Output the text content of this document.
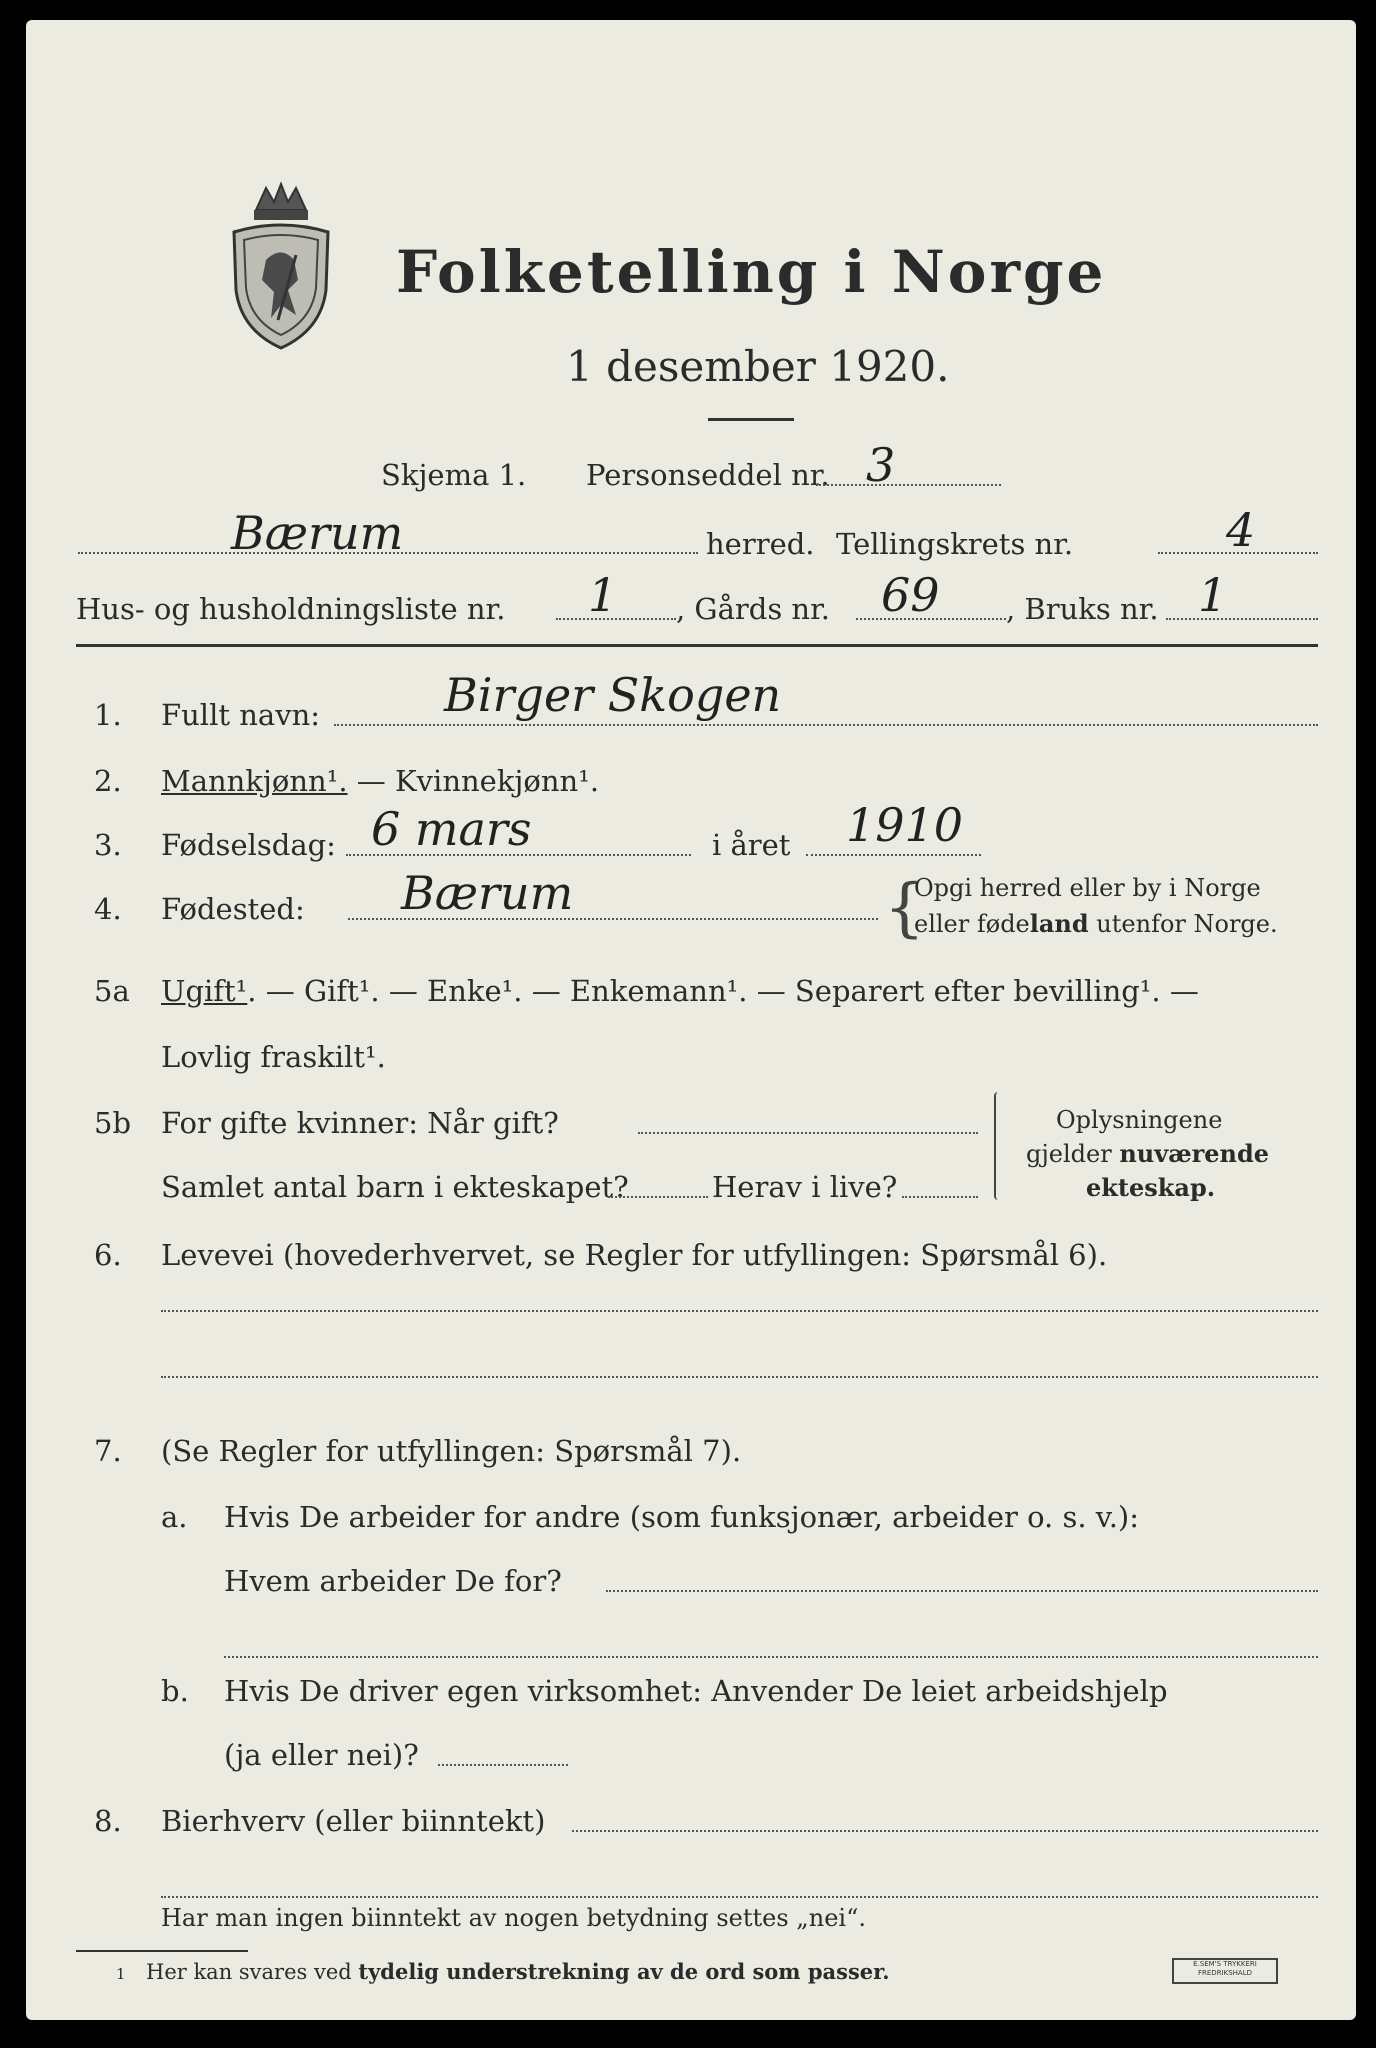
Folketelling i Norge
1 desember 1920.
Skjema 1. Personseddel nr. 3
Bærum	herred. Tellingskrets nr.	4
Hus- og husholdningsliste nr. 1 , Gårds nr. 69 , Bruks nr. 1
1. Fullt navn:	Birger Skogen
2. Mannkjønn¹. — Kvinnekjønn¹.
3. Fødselsdag: 6 mars	i året 1910
4. Fødested: Bærum	{
Opgi herred eller by i Norge
eller fødeland utenfor Norge.
5a Ugift¹. — Gift¹. — Enke¹. — Enkemann¹. — Separert efter bevilling¹. —
Lovlig fraskilt¹.
5b For gifte kvinner: Når gift?
Samlet antal barn i ekteskapet?	Herav i live?
Oplysningene
gjelder nuværende
ekteskap.
6. Levevei (hovederhvervet, se Regler for utfyllingen: Spørsmål 6).
7. (Se Regler for utfyllingen: Spørsmål 7).
a. Hvis De arbeider for andre (som funksjonær, arbeider o. s. v.):
Hvem arbeider De for?
b. Hvis De driver egen virksomhet: Anvender De leiet arbeidshjelp
(ja eller nei)?
8. Bierhverv (eller biinntekt)
Har man ingen biinntekt av nogen betydning settes „nei“.
1 Her kan svares ved tydelig understrekning av de ord som passer.	E.SEM'S TRYKKERI
FREDRIKSHALD
